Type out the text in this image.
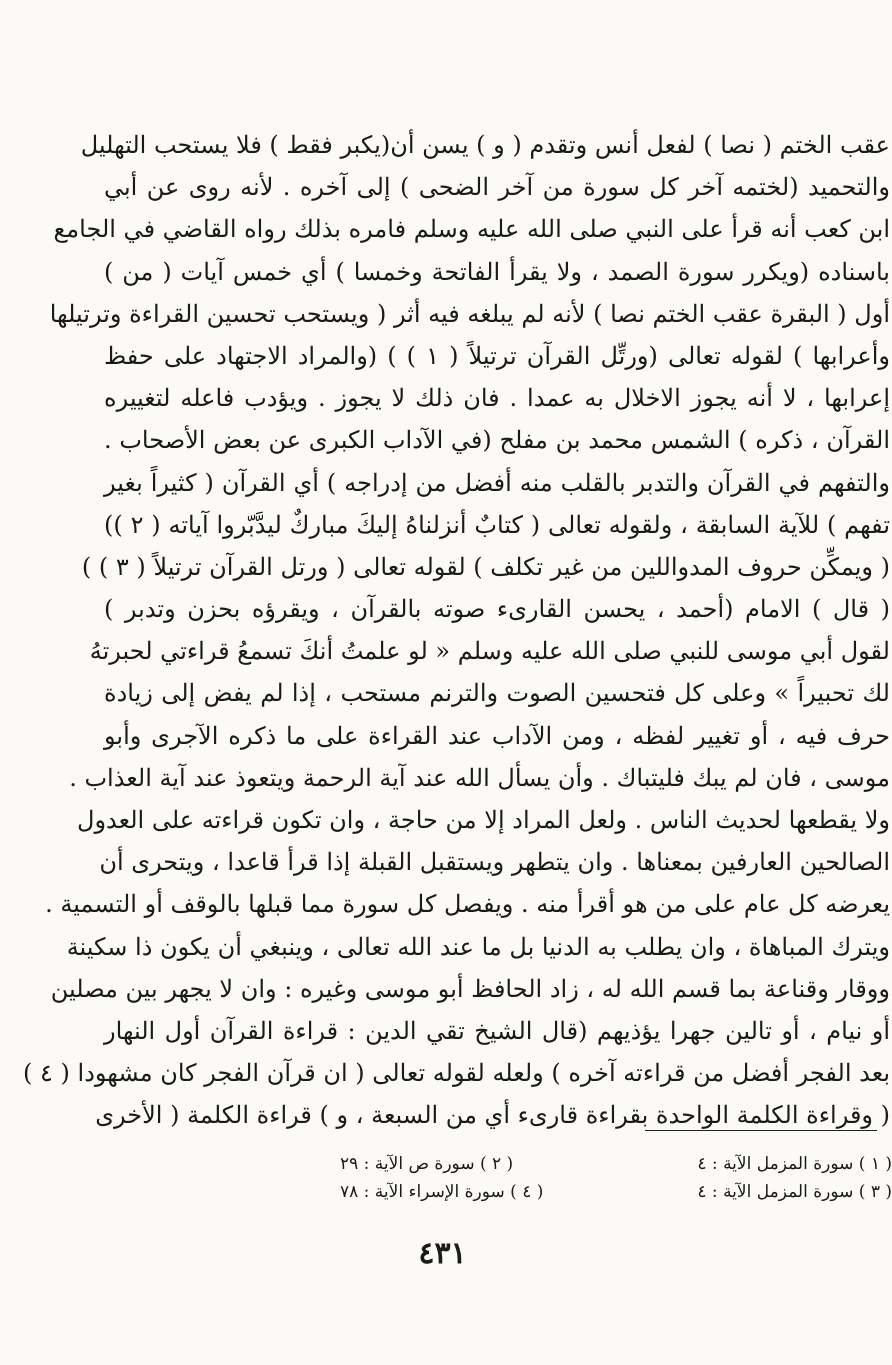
عقب الختم ( نصا ) لفعل أنس وتقدم ( و ) يسن أن(يكبر فقط ) فلا يستحب التهليل
والتحميد (لختمه آخر كل سورة من آخر الضحى ) إلى آخره . لأنه روى عن أبي
ابن كعب أنه قرأ على النبي صلى الله عليه وسلم فامره بذلك رواه القاضي في الجامع
باسناده (ويكرر سورة الصمد ، ولا يقرأ الفاتحة وخمسا ) أي خمس آيات ( من )
أول ( البقرة عقب الختم نصا ) لأنه لم يبلغه فيه أثر ( ويستحب تحسين القراءة وترتيلها
وأعرابها ) لقوله تعالى (ورتِّل القرآن ترتيلاً ( ١ ) ) (والمراد الاجتهاد على حفظ
إعرابها ، لا أنه يجوز الاخلال به عمدا . فان ذلك لا يجوز . ويؤدب فاعله لتغييره
القرآن ، ذكره ) الشمس محمد بن مفلح (في الآداب الكبرى عن بعض الأصحاب .
والتفهم في القرآن والتدبر بالقلب منه أفضل من إدراجه ) أي القرآن ( كثيراً بغير
تفهم ) للآية السابقة ، ولقوله تعالى ( كتابٌ أنزلناهُ إليكَ مباركٌ ليدَّبّروا آياته ( ٢ ))
( ويمكِّن حروف المدواللين من غير تكلف ) لقوله تعالى ( ورتل القرآن ترتيلاً ( ٣ ) )
( قال ) الامام (أحمد ، يحسن القارىء صوته بالقرآن ، ويقرؤه بحزن وتدبر )
لقول أبي موسى للنبي صلى الله عليه وسلم « لو علمتُ أنكَ تسمعُ قراءتي لحبرتهُ
لك تحبيراً » وعلى كل فتحسين الصوت والترنم مستحب ، إذا لم يفض إلى زيادة
حرف فيه ، أو تغيير لفظه ، ومن الآداب عند القراءة على ما ذكره الآجرى وأبو
موسى ، فان لم يبك فليتباك . وأن يسأل الله عند آية الرحمة ويتعوذ عند آية العذاب .
ولا يقطعها لحديث الناس . ولعل المراد إلا من حاجة ، وان تكون قراءته على العدول
الصالحين العارفين بمعناها . وان يتطهر ويستقبل القبلة إذا قرأ قاعدا ، ويتحرى أن
يعرضه كل عام على من هو أقرأ منه . ويفصل كل سورة مما قبلها بالوقف أو التسمية .
ويترك المباهاة ، وان يطلب به الدنيا بل ما عند الله تعالى ، وينبغي أن يكون ذا سكينة
ووقار وقناعة بما قسم الله له ، زاد الحافظ أبو موسى وغيره : وان لا يجهر بين مصلين
أو نيام ، أو تالين جهرا يؤذيهم (قال الشيخ تقي الدين : قراءة القرآن أول النهار
بعد الفجر أفضل من قراءته آخره ) ولعله لقوله تعالى ( ان قرآن الفجر كان مشهودا ( ٤ )
( وقراءة الكلمة الواحدة بقراءة قارىء أي من السبعة ، و ) قراءة الكلمة ( الأخرى
( ١ ) سورة المزمل الآية : ٤
( ٢ ) سورة ص الآية : ٢٩
( ٣ ) سورة المزمل الآية : ٤
( ٤ ) سورة الإسراء الآية : ٧٨
٤٣١
